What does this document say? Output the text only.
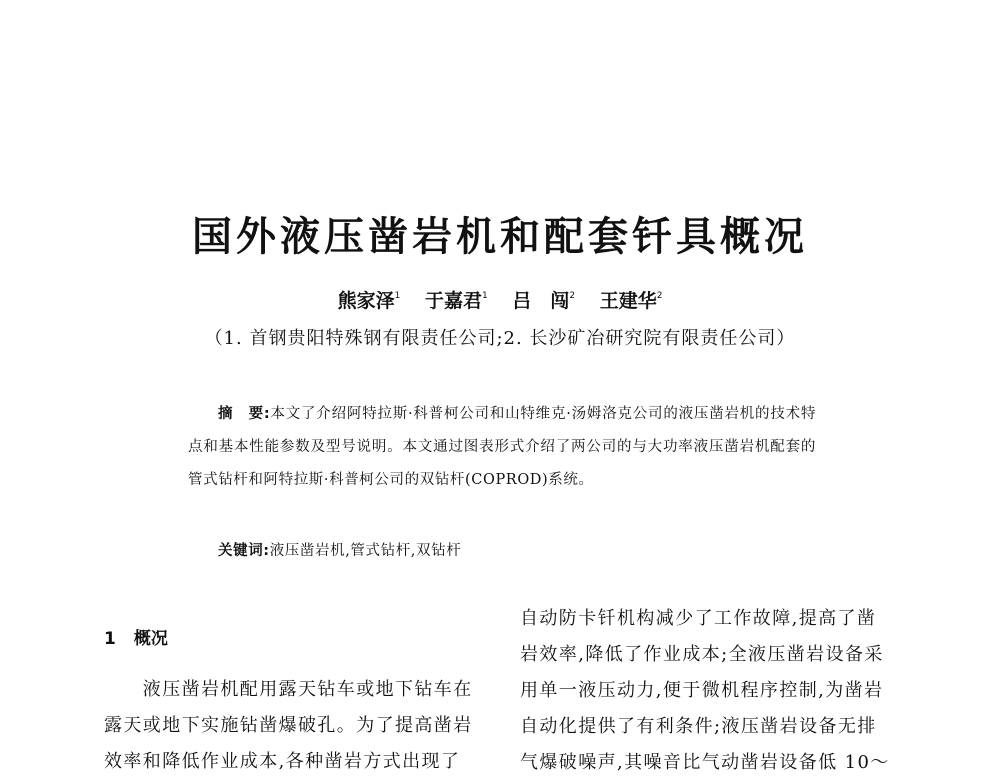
国外液压凿岩机和配套钎具概况
熊家泽$^1$ 于嘉君$^1$ 吕　闯$^2$ 王建华$^2$
（1. 首钢贵阳特殊钢有限责任公司;2. 长沙矿冶研究院有限责任公司）

摘　要:本文了介绍阿特拉斯·科普柯公司和山特维克·汤姆洛克公司的液压凿岩机的技术特点和基本性能参数及型号说明。本文通过图表形式介绍了两公司的与大功率液压凿岩机配套的管式钻杆和阿特拉斯·科普柯公司的双钻杆(COPROD)系统。

关键词:液压凿岩机,管式钻杆,双钻杆
1 概况
　　液压凿岩机配用露天钻车或地下钻车在
露天或地下实施钻凿爆破孔。为了提高凿岩
效率和降低作业成本,各种凿岩方式出现了
自动防卡钎机构减少了工作故障,提高了凿
岩效率,降低了作业成本;全液压凿岩设备采
用单一液压动力,便于微机程序控制,为凿岩
自动化提供了有利条件;液压凿岩设备无排
气爆破噪声,其噪音比气动凿岩设备低 10～
